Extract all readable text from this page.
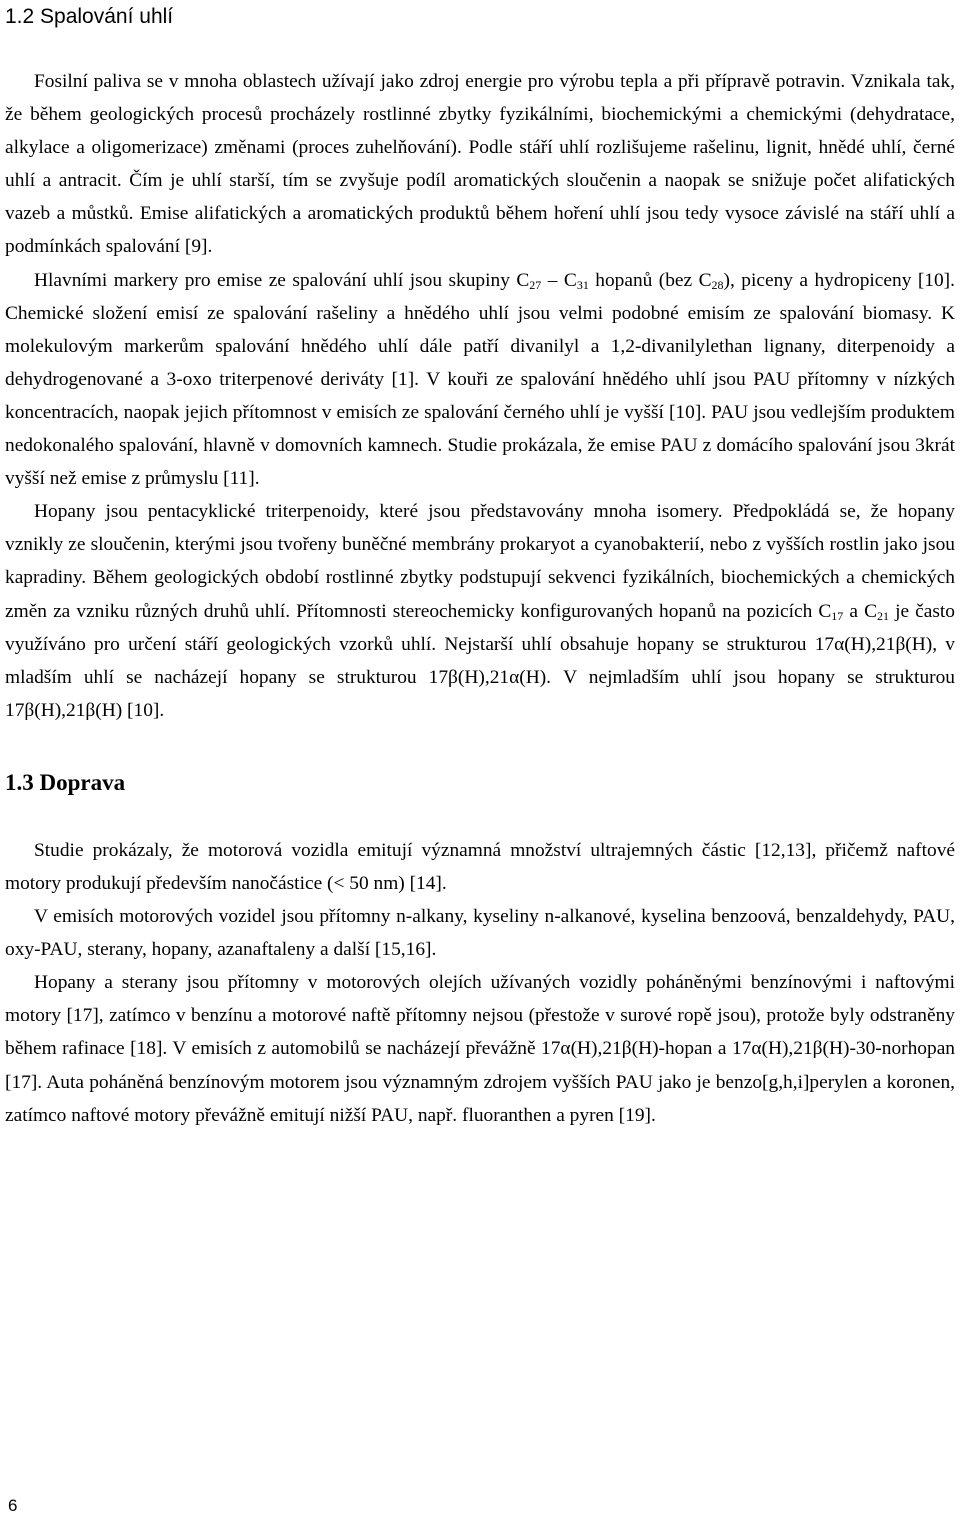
1.2 Spalování uhlí

Fosilní paliva se v mnoha oblastech užívají jako zdroj energie pro výrobu tepla a při přípravě potravin. Vznikala tak, že během geologických procesů procházely rostlinné zbytky fyzikálními, biochemickými a chemickými (dehydratace, alkylace a oligomerizace) změnami (proces zuhelňování). Podle stáří uhlí rozlišujeme rašelinu, lignit, hnědé uhlí, černé uhlí a antracit. Čím je uhlí starší, tím se zvyšuje podíl aromatických sloučenin a naopak se snižuje počet alifatických vazeb a můstků. Emise alifatických a aromatických produktů během hoření uhlí jsou tedy vysoce závislé na stáří uhlí a podmínkách spalování [9].

Hlavními markery pro emise ze spalování uhlí jsou skupiny $C_{27} - C_{31}$ hopanů (bez $C_{28}$), piceny a hydropiceny [10]. Chemické složení emisí ze spalování rašeliny a hnědého uhlí jsou velmi podobné emisím ze spalování biomasy. K molekulovým markerům spalování hnědého uhlí dále patří divanilyl a 1,2-divanilylethan lignany, diterpenoidy a dehydrogenované a 3-oxo triterpenové deriváty [1]. V kouři ze spalování hnědého uhlí jsou PAU přítomny v nízkých koncentracích, naopak jejich přítomnost v emisích ze spalování černého uhlí je vyšší [10]. PAU jsou vedlejším produktem nedokonalého spalování, hlavně v domovních kamnech. Studie prokázala, že emise PAU z domácího spalování jsou 3krát vyšší než emise z průmyslu [11].

Hopany jsou pentacyklické triterpenoidy, které jsou představovány mnoha isomery. Předpokládá se, že hopany vznikly ze sloučenin, kterými jsou tvořeny buněčné membrány prokaryot a cyanobakterií, nebo z vyšších rostlin jako jsou kapradiny. Během geologických období rostlinné zbytky podstupují sekvenci fyzikálních, biochemických a chemických změn za vzniku různých druhů uhlí. Přítomnosti stereochemicky konfigurovaných hopanů na pozicích $C_{17}$ a $C_{21}$ je často využíváno pro určení stáří geologických vzorků uhlí. Nejstarší uhlí obsahuje hopany se strukturou 17α(H),21β(H), v mladším uhlí se nacházejí hopany se strukturou 17β(H),21α(H). V nejmladším uhlí jsou hopany se strukturou 17β(H),21β(H) [10].

1.3 Doprava

Studie prokázaly, že motorová vozidla emitují významná množství ultrajemných částic [12,13], přičemž naftové motory produkují především nanočástice (< 50 nm) [14].

V emisích motorových vozidel jsou přítomny n-alkany, kyseliny n-alkanové, kyselina benzoová, benzaldehydy, PAU, oxy-PAU, sterany, hopany, azanaftaleny a další [15,16].

Hopany a sterany jsou přítomny v motorových olejích užívaných vozidly poháněnými benzínovými i naftovými motory [17], zatímco v benzínu a motorové naftě přítomny nejsou (přestože v surové ropě jsou), protože byly odstraněny během rafinace [18]. V emisích z automobilů se nacházejí převážně 17α(H),21β(H)-hopan a 17α(H),21β(H)-30-norhopan [17]. Auta poháněná benzínovým motorem jsou významným zdrojem vyšších PAU jako je benzo[g,h,i]perylen a koronen, zatímco naftové motory převážně emitují nižší PAU, např. fluoranthen a pyren [19].

6
